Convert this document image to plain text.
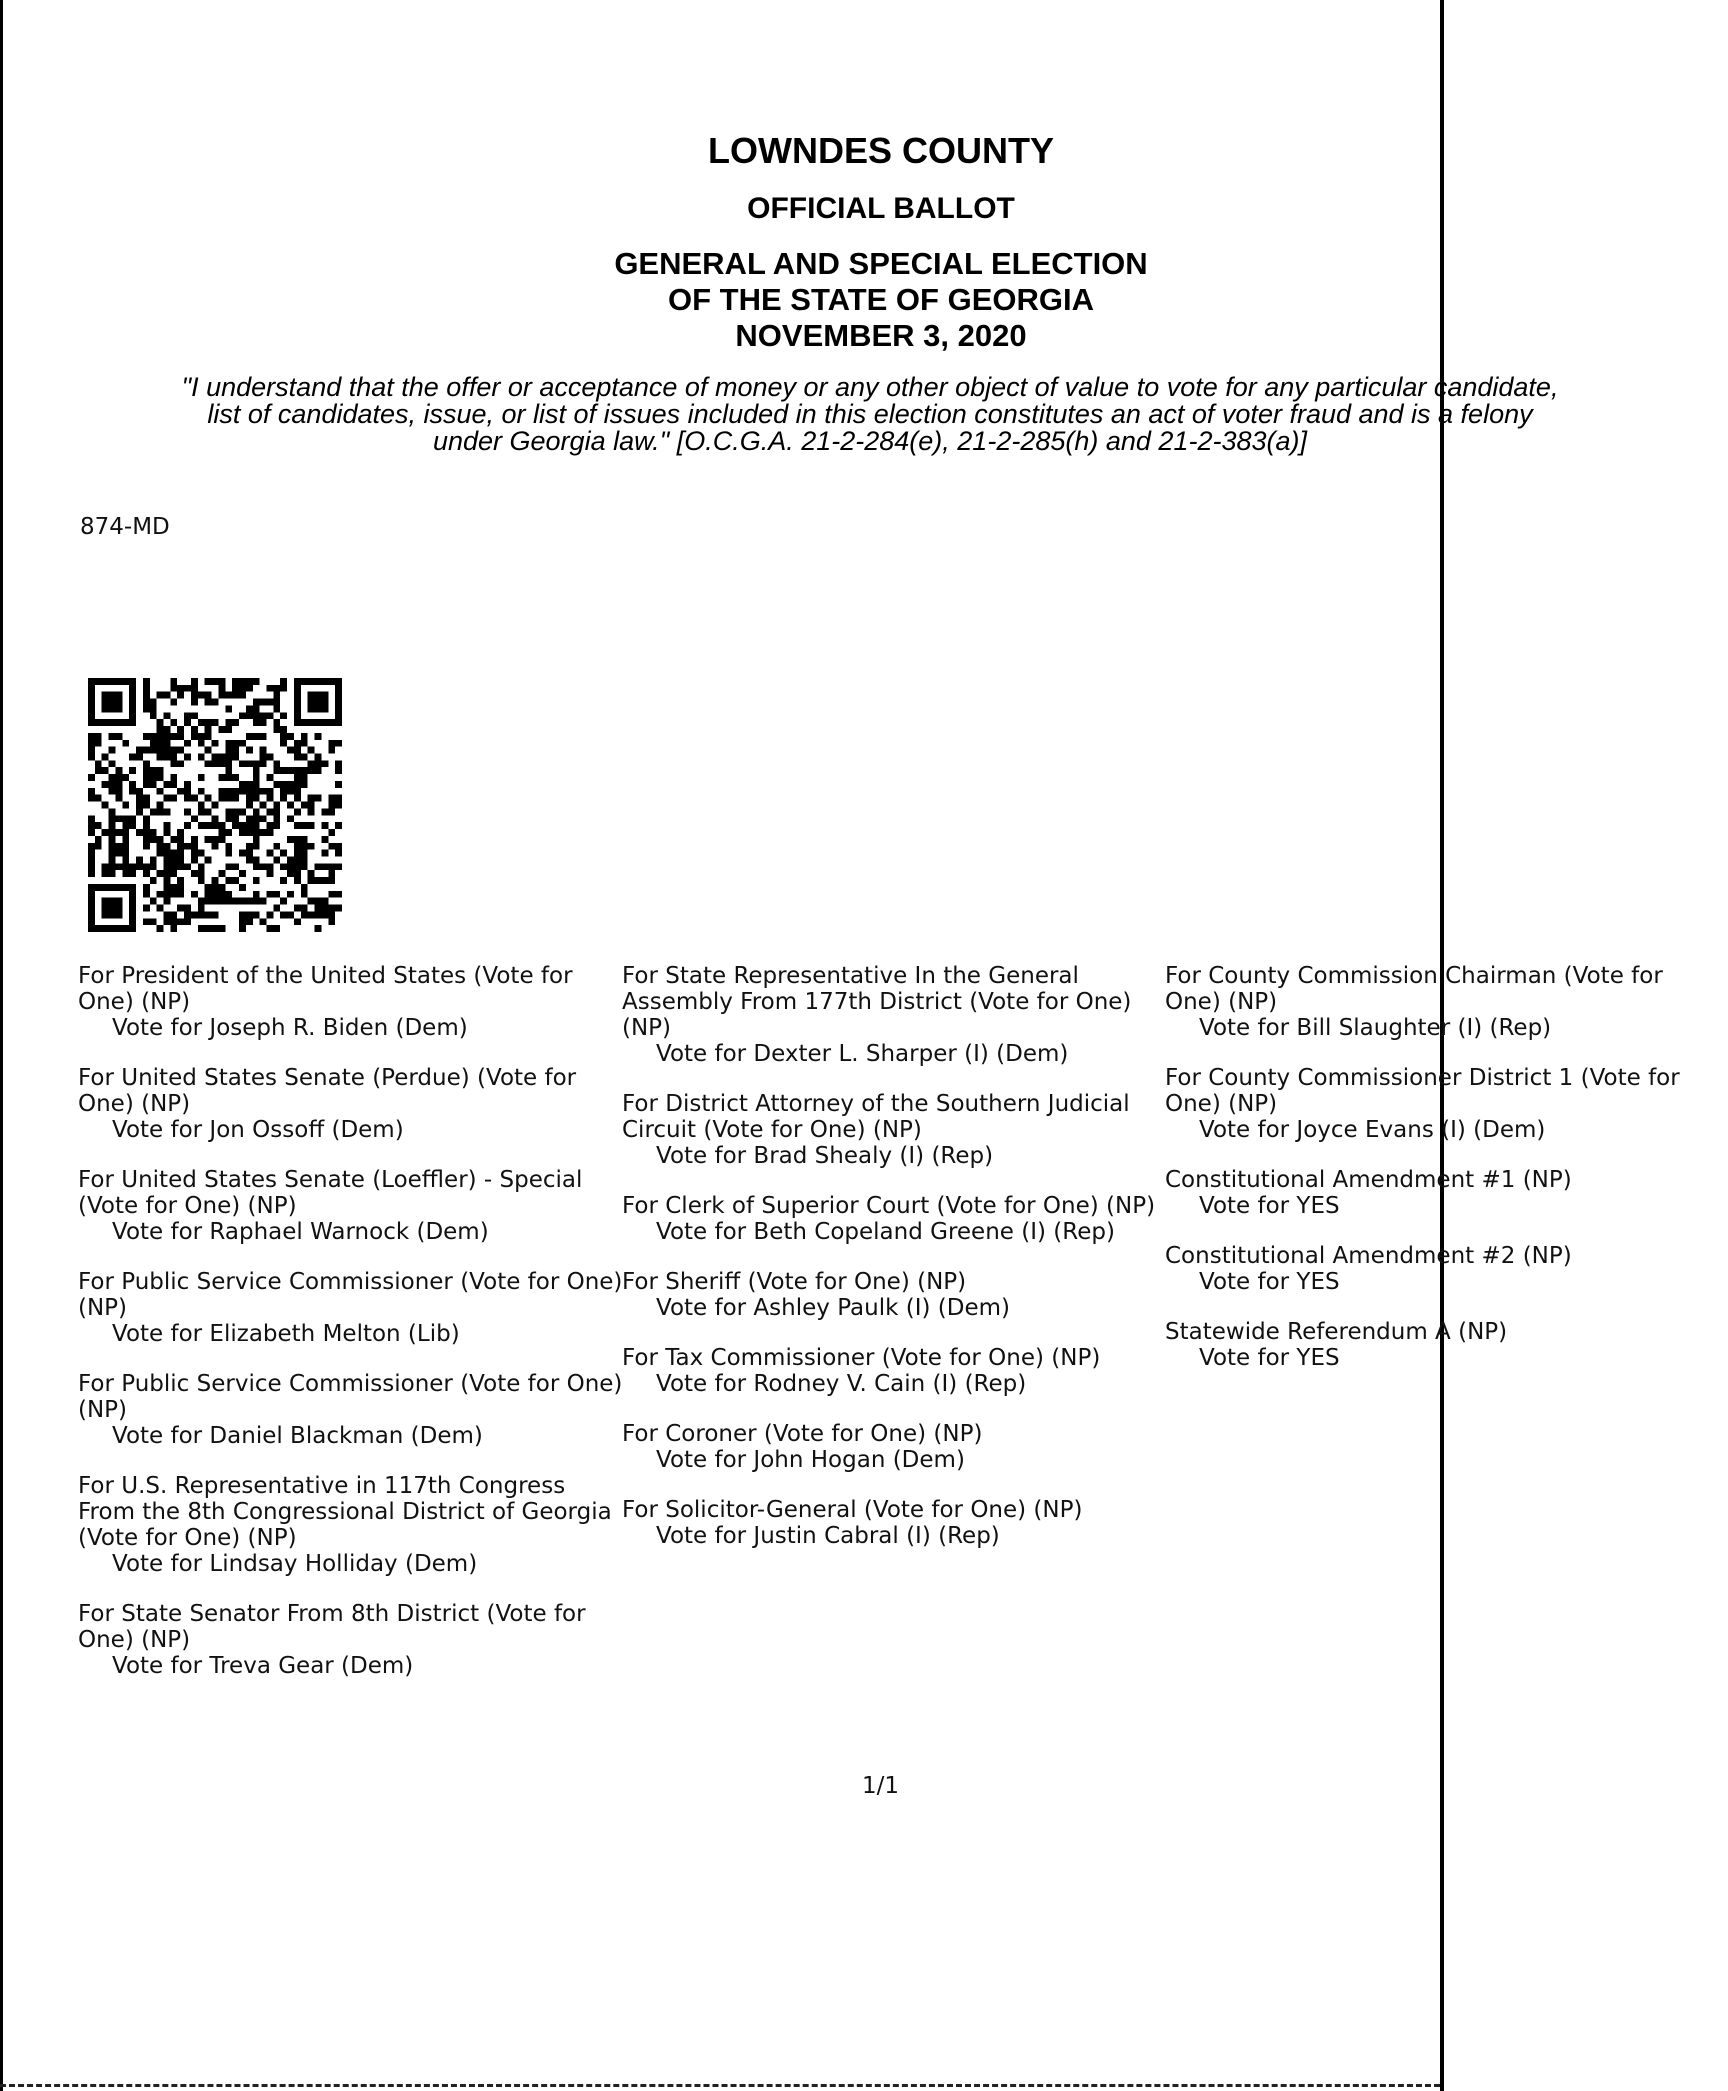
LOWNDES COUNTY

OFFICIAL BALLOT

GENERAL AND SPECIAL ELECTION

OF THE STATE OF GEORGIA

NOVEMBER 3, 2020

"I understand that the offer or acceptance of money or any other object of value to vote for any particular candidate,

list of candidates, issue, or list of issues included in this election constitutes an act of voter fraud and is a felony

under Georgia law." [O.C.G.A. 21-2-284(e), 21-2-285(h) and 21-2-383(a)]

874-MD

For President of the United States (Vote for One) (NP)

Vote for Joseph R. Biden (Dem)

For United States Senate (Perdue) (Vote for One) (NP)

Vote for Jon Ossoff (Dem)

For United States Senate (Loeffler) - Special (Vote for One) (NP)

Vote for Raphael Warnock (Dem)

For Public Service Commissioner (Vote for One) (NP)

Vote for Elizabeth Melton (Lib)

For Public Service Commissioner (Vote for One) (NP)

Vote for Daniel Blackman (Dem)

For U.S. Representative in 117th Congress From the 8th Congressional District of Georgia (Vote for One) (NP)

Vote for Lindsay Holliday (Dem)

For State Senator From 8th District (Vote for One) (NP)

Vote for Treva Gear (Dem)

For State Representative In the General Assembly From 177th District (Vote for One) (NP)

Vote for Dexter L. Sharper (I) (Dem)

For District Attorney of the Southern Judicial Circuit (Vote for One) (NP)

Vote for Brad Shealy (I) (Rep)

For Clerk of Superior Court (Vote for One) (NP)

Vote for Beth Copeland Greene (I) (Rep)

For Sheriff (Vote for One) (NP)

Vote for Ashley Paulk (I) (Dem)

For Tax Commissioner (Vote for One) (NP)

Vote for Rodney V. Cain (I) (Rep)

For Coroner (Vote for One) (NP)

Vote for John Hogan (Dem)

For Solicitor-General (Vote for One) (NP)

Vote for Justin Cabral (I) (Rep)

For County Commission Chairman (Vote for One) (NP)

Vote for Bill Slaughter (I) (Rep)

For County Commissioner District 1 (Vote for One) (NP)

Vote for Joyce Evans (I) (Dem)

Constitutional Amendment #1 (NP)

Vote for YES

Constitutional Amendment #2 (NP)

Vote for YES

Statewide Referendum A (NP)

Vote for YES

1/1
